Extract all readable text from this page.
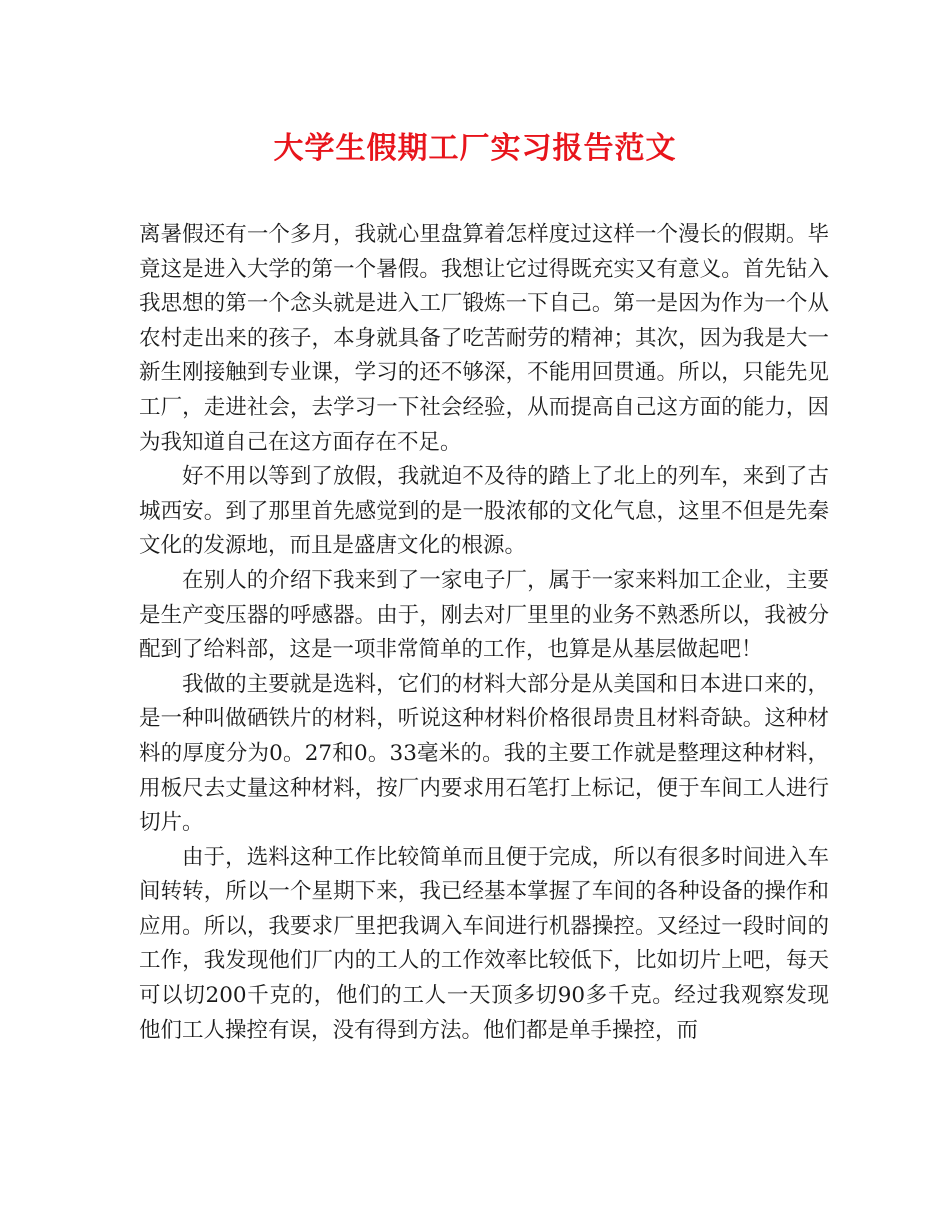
大学生假期工厂实习报告范文

离暑假还有一个多月，我就心里盘算着怎样度过这样一个漫长的假期。毕竟这是进入大学的第一个暑假。我想让它过得既充实又有意义。首先钻入我思想的第一个念头就是进入工厂锻炼一下自己。第一是因为作为一个从农村走出来的孩子，本身就具备了吃苦耐劳的精神；其次，因为我是大一新生刚接触到专业课，学习的还不够深，不能用回贯通。所以，只能先见工厂，走进社会，去学习一下社会经验，从而提高自己这方面的能力，因为我知道自己在这方面存在不足。

好不用以等到了放假，我就迫不及待的踏上了北上的列车，来到了古城西安。到了那里首先感觉到的是一股浓郁的文化气息，这里不但是先秦文化的发源地，而且是盛唐文化的根源。

在别人的介绍下我来到了一家电子厂，属于一家来料加工企业，主要是生产变压器的呼感器。由于，刚去对厂里里的业务不熟悉所以，我被分配到了给料部，这是一项非常简单的工作，也算是从基层做起吧！

我做的主要就是选料，它们的材料大部分是从美国和日本进口来的，是一种叫做硒铁片的材料，听说这种材料价格很昂贵且材料奇缺。这种材料的厚度分为0。27和0。33毫米的。我的主要工作就是整理这种材料，用板尺去丈量这种材料，按厂内要求用石笔打上标记，便于车间工人进行切片。

由于，选料这种工作比较简单而且便于完成，所以有很多时间进入车间转转，所以一个星期下来，我已经基本掌握了车间的各种设备的操作和应用。所以，我要求厂里把我调入车间进行机器操控。又经过一段时间的工作，我发现他们厂内的工人的工作效率比较低下，比如切片上吧，每天可以切200千克的，他们的工人一天顶多切90多千克。经过我观察发现他们工人操控有误，没有得到方法。他们都是单手操控，而
